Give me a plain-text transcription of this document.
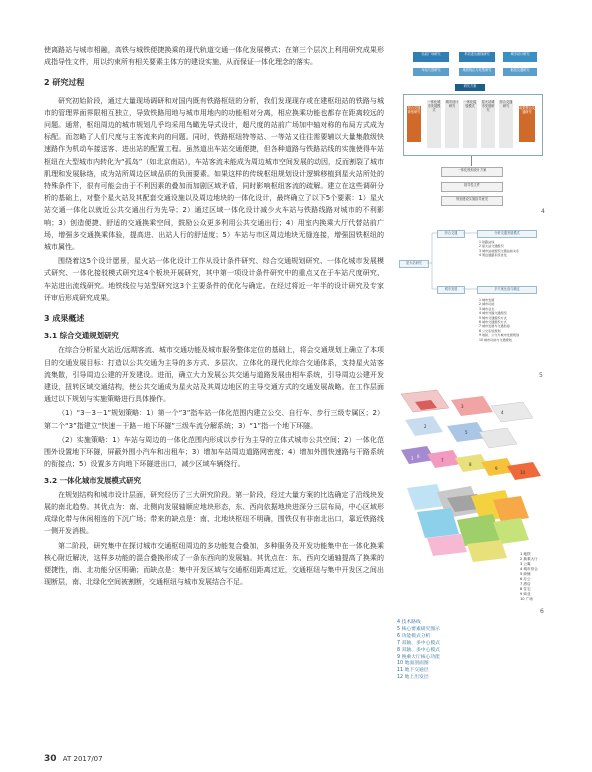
使离路站与城市相融，高铁与城铁便捷换乘的现代轨道交通一体化发展模式；在第三个层次上利用研究成果形成指导性文件，用以约束所有相关要素主体方的建设实施，从而保证一体化理念的落实。

2 研究过程

研究初始阶段，通过大量现场调研和对国内既有铁路枢纽的分析，我们发现现存或在建枢纽站的铁路与城市的管理界面界限相互独立，导致铁路用地与城市用地内的功能相对分离，相应换乘功能也都存在距离较远的问题。通常，枢纽周边的城市规划几乎均采用鸟瞰先导式设计，超尺度的站前广场加中轴对称的布局方式成为标配。而忽略了人们尺度与主客流来向的问题。同时，铁路枢纽特等站、一等站又往往需要辅以大量集散级快速路作为机动车接送客、进出站的配置工程。虽然道出车站交通便捷，但各种道路与铁路站线的实施使得车站枢纽在大型城市内转化为“孤岛”（如北京南站），车站客流未能成为周边城市空间发展的动因，反而割裂了城市肌理和发展脉络，成为站所周边区域品质的负面要素。如果这样的传统枢纽规划设计逻辑移植到星火站所处的特殊条件下，很有可能会由于不利因素的叠加而加剧区域矛盾，同时影响枢纽客流的疏解。建立在这些调研分析的基础上，对整个星火站及其配套交通设施以及周边地块的一体化设计，最终确立了以下5个要素：1）星火站交通一体化以就近公共交通出行为先导；2）通过区域一体化设计减少火车站与铁路线路对城市的不利影响；3）创造便捷、舒适的交通换乘空间，鼓励公众更多利用公共交通出行；4）用室内换乘大厅代替站前广场，增强多交通换乘体验，提高进、出站人行的舒适度；5）车站与市区周边地块无缝连接，增强国铁枢纽的城市属性。

围绕着这5个设计愿景，星火站一体化设计工作从设计条件研究、综合交通规划研究、一体化城市发展模式研究、一体化接驳模式研究这4个板块开展研究，其中第一项设计条件研究中的重点又在于车站尺度研究、车站进出流线研究。地铁线位与站型研究这3个主要条件的优化与确定。在经过将近一年半的设计研究及专家评审后形成研究成果。

3 成果概述
3.1 综合交通规划研究

在综合分析星火站近/远期客流、城市交通功能及城市服务整体定位的基础上，将会交通规划上确立了本项目的交通发展目标：打造以公共交通为主导的多方式、多层次、立体化的现代化综合交通体系，支持星火站客流集散，引导周边公建的开发建设。进而，确立大力发展公共交通与道路发展由相车系统，引导周边公建开发建设，扭转区域交通结构，使公共交通成为星火站及其周边地区的主导交通方式的交通发展战略。在工作层面通过以下规划与实施策略进行具体操作。

（1）“3－3－1”规划策略：1）第一个“3”指车站一体化范围内建立公交、自行车、步行三级专属区；2）第二个“3”指建立“快速－干路－地下环隧”三级车流分解系统；3）“1”指一个地下环隧。

（2）实施策略：1）车站与周边的一体化范围内形成以步行为主导的立体式城市公共空间；2）一体化范围外设置地下环隧，屏蔽外围小汽车和出租车；3）增加车站周边道路网密度；4）增加外围快速路与干路系统的衔接点；5）设置多方向地下环隧进出口，减少区域车辆绕行。

3.2 一体化城市发展模式研究

在规划结构和城市设计层面，研究经历了三大研究阶段。第一阶段，经过大量方案的比选确定了沿线块发展的南北趋势。其优点为：南、北侧向发展轴顺应地块形态，东、西向依据地块进深分三层布局，中心区域形成绿化带与休闲相连的下沉广场；带来的缺点是：南、北地块枢纽不明确，围铁仅有非南北出口，靠近铁路线一侧开发消极。

第二阶段，研究集中在探讨城市交通枢纽周边的多功能复合叠加，多种服务及开发功能集中在一体化换乘核心附近解决，这样多功能的混合叠换形成了一条东西向的发展轴。其优点在：东、西向交通轴提高了换乘的便捷性，南、北功能分区明确；而缺点是：集中开发区域与交通枢纽距离过近，交通枢纽与集中开发区之间出现断层，南、北绿化空间被割断，交通枢纽与城市发展结合不足。

30 AT 2017/07
站前广场研究	车站进出流线研究	城市设计研究
车站尺度研究	地铁线位与站型研究	枢纽交通研究
研究方案
综合交通规划研究
一体化城市发展模式
城市设计研究
一体化接驳模式
星火站城市发展研究
综合交通研究	成果整合交通研究
一体化规划设计方案
指导性文件
规划建设实施指导意见
4
星火站研究
综合交通	分析交通发展模式
1 铁路站线
2 星火站交通组织
3 城市站前组织交通站前关系
4 周边道路系统优化
城市发展	多方案比选与确定
1 城市发展
2 城市功能
3 城市业态
4 城市外围交通组织
5 城市交通组织方式
6 城市交通组织方式
7 城市发展与交通衔接
8 公交系统规划
9 地铁、公交与城市发展规划
10 城市功能与交通规划
5
1
2
3
4
5
6
7
8
9
10
1 地铁
2 换乘大厅
3 公寓
4 城市综合
5 商铺
6 办公
7 酒店
8 住宅
9 商业
10 广场
6
4 技术路线
5 核心要素研究图示
6 功能模式分析
7 双轴、多中心模式
8 双轴、多中心模式
9 换乘大厅核心功能
10 地面剖面图
11 地下交通层
12 地上出发层
